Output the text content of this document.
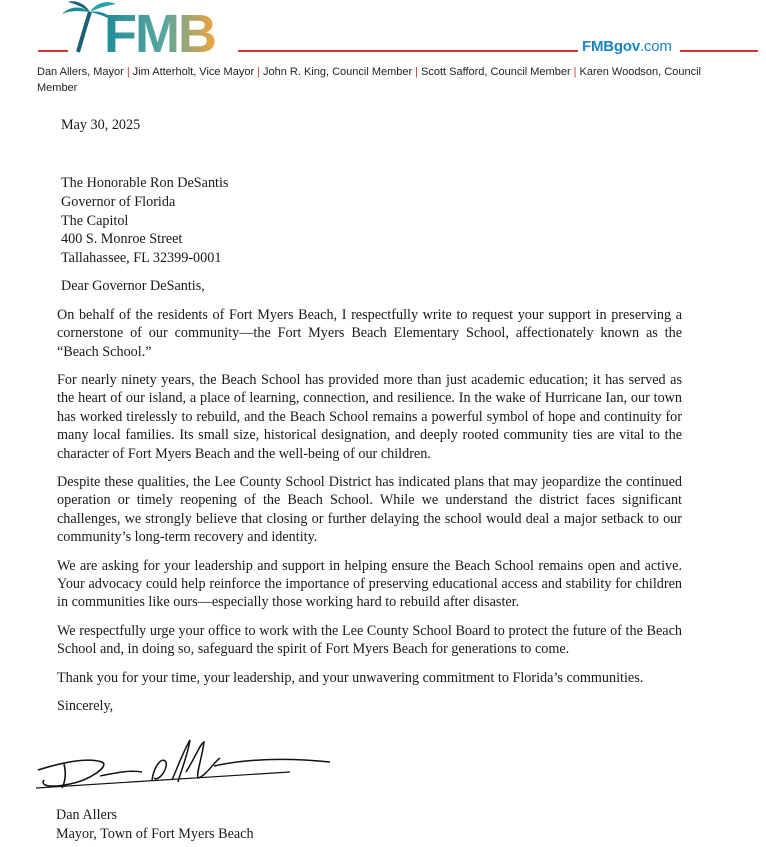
FMB	FMBgov.com
Dan Allers, Mayor | Jim Atterholt, Vice Mayor | John R. King, Council Member | Scott Safford, Council Member | Karen Woodson, Council Member
May 30, 2025
The Honorable Ron DeSantis
Governor of Florida
The Capitol
400 S. Monroe Street
Tallahassee, FL 32399-0001
Dear Governor DeSantis,

On behalf of the residents of Fort Myers Beach, I respectfully write to request your support in preserving a cornerstone of our community—the Fort Myers Beach Elementary School, affectionately known as the “Beach School.”

For nearly ninety years, the Beach School has provided more than just academic education; it has served as the heart of our island, a place of learning, connection, and resilience. In the wake of Hurricane Ian, our town has worked tirelessly to rebuild, and the Beach School remains a powerful symbol of hope and continuity for many local families. Its small size, historical designation, and deeply rooted community ties are vital to the character of Fort Myers Beach and the well-being of our children.

Despite these qualities, the Lee County School District has indicated plans that may jeopardize the continued operation or timely reopening of the Beach School. While we understand the district faces significant challenges, we strongly believe that closing or further delaying the school would deal a major setback to our community’s long-term recovery and identity.

We are asking for your leadership and support in helping ensure the Beach School remains open and active. Your advocacy could help reinforce the importance of preserving educational access and stability for children in communities like ours—especially those working hard to rebuild after disaster.

We respectfully urge your office to work with the Lee County School Board to protect the future of the Beach School and, in doing so, safeguard the spirit of Fort Myers Beach for generations to come.

Thank you for your time, your leadership, and your unwavering commitment to Florida’s communities.

Sincerely,
Dan Allers
Mayor, Town of Fort Myers Beach
